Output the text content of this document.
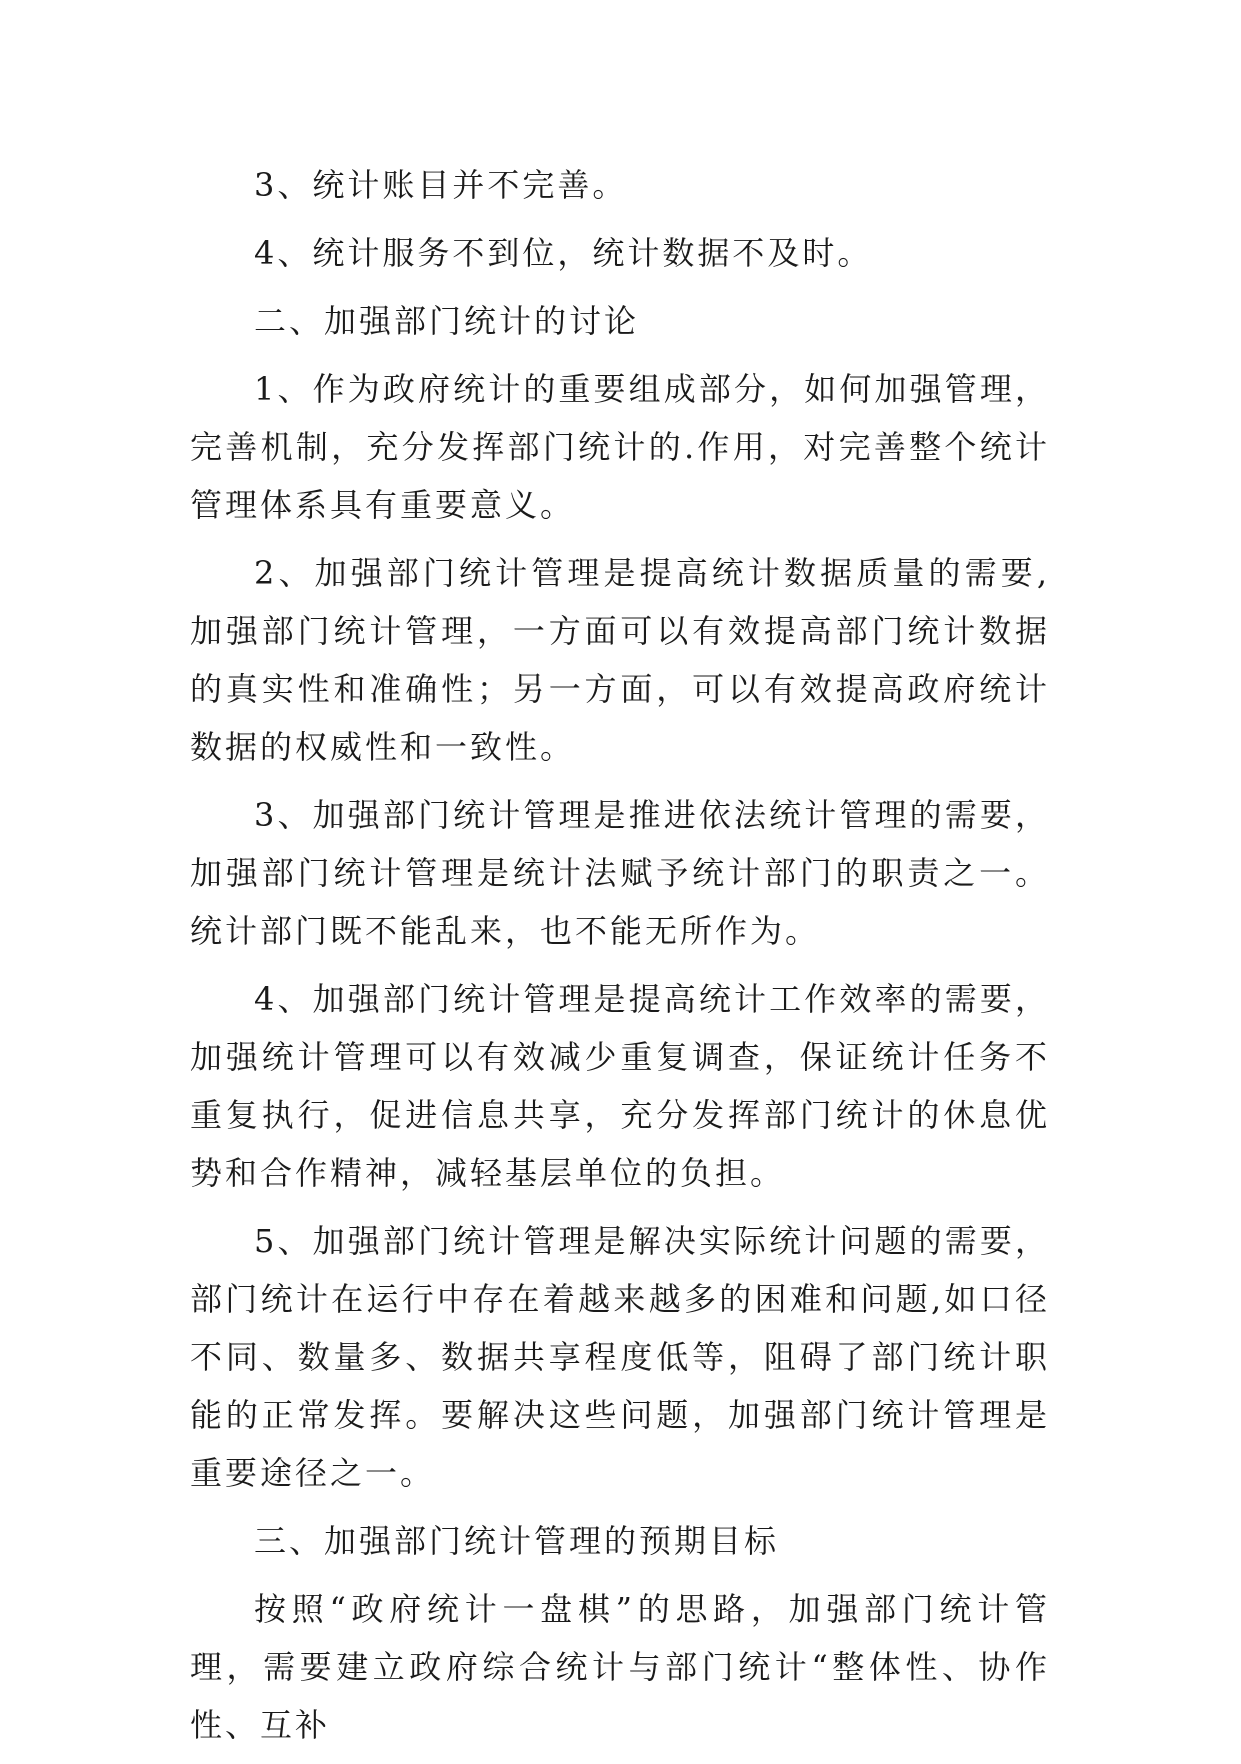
3、统计账目并不完善。

4、统计服务不到位，统计数据不及时。

二、加强部门统计的讨论

1、作为政府统计的重要组成部分，如何加强管理，完善机制，充分发挥部门统计的.作用，对完善整个统计管理体系具有重要意义。

2、加强部门统计管理是提高统计数据质量的需要,加强部门统计管理，一方面可以有效提高部门统计数据的真实性和准确性；另一方面，可以有效提高政府统计数据的权威性和一致性。

3、加强部门统计管理是推进依法统计管理的需要，加强部门统计管理是统计法赋予统计部门的职责之一。统计部门既不能乱来，也不能无所作为。

4、加强部门统计管理是提高统计工作效率的需要，加强统计管理可以有效减少重复调查，保证统计任务不重复执行，促进信息共享，充分发挥部门统计的休息优势和合作精神，减轻基层单位的负担。

5、加强部门统计管理是解决实际统计问题的需要，部门统计在运行中存在着越来越多的困难和问题,如口径不同、数量多、数据共享程度低等，阻碍了部门统计职能的正常发挥。要解决这些问题，加强部门统计管理是重要途径之一。

三、加强部门统计管理的预期目标

按照“政府统计一盘棋”的思路，加强部门统计管理，需要建立政府综合统计与部门统计“整体性、协作性、互补
